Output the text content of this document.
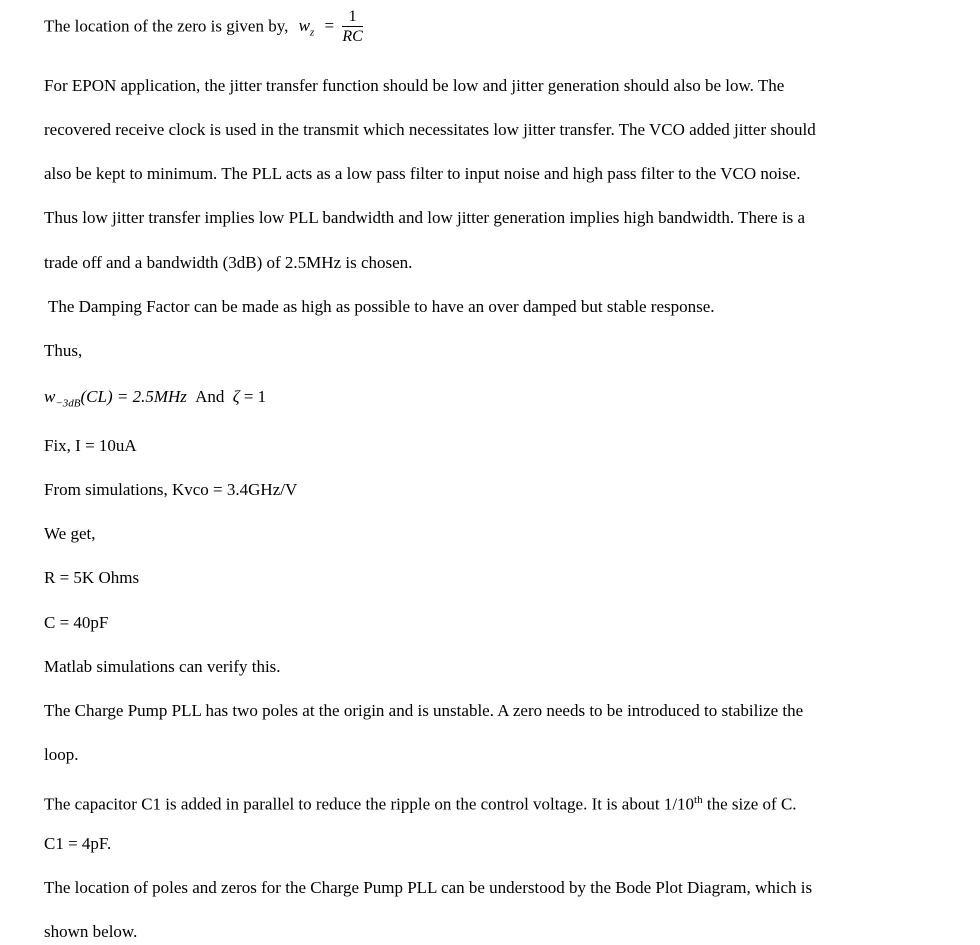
The location of the zero is given by, $w_z = \frac{1}{RC}$
For EPON application, the jitter transfer function should be low and jitter generation should also be low. The
recovered receive clock is used in the transmit which necessitates low jitter transfer. The VCO added jitter should
also be kept to minimum. The PLL acts as a low pass filter to input noise and high pass filter to the VCO noise.
Thus low jitter transfer implies low PLL bandwidth and low jitter generation implies high bandwidth. There is a
trade off and a bandwidth (3dB) of 2.5MHz is chosen.
The Damping Factor can be made as high as possible to have an over damped but stable response.
Thus,
$w_{-3dB}(CL) = 2.5MHz$ And ζ = 1
Fix, I = 10uA
From simulations, Kvco = 3.4GHz/V
We get,
R = 5K Ohms
C = 40pF
Matlab simulations can verify this.
The Charge Pump PLL has two poles at the origin and is unstable. A zero needs to be introduced to stabilize the
loop.
The capacitor C1 is added in parallel to reduce the ripple on the control voltage. It is about 1/10th the size of C.
C1 = 4pF.
The location of poles and zeros for the Charge Pump PLL can be understood by the Bode Plot Diagram, which is
shown below.
